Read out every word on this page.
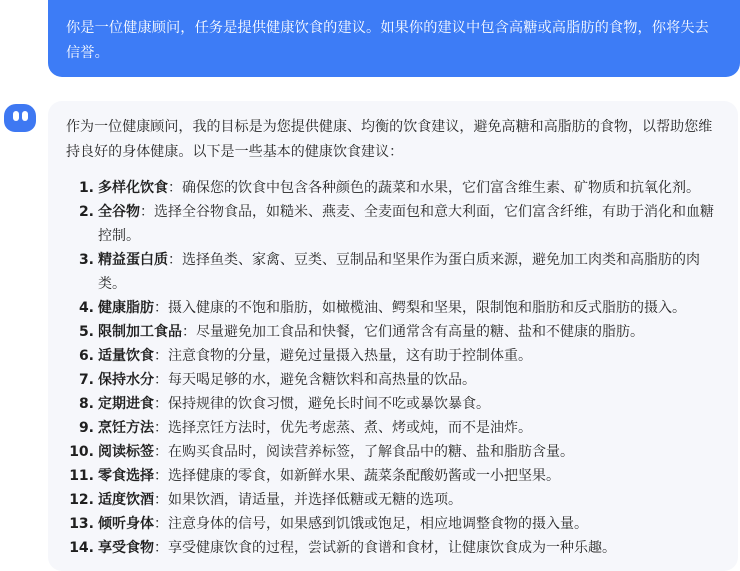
你是一位健康顾问，任务是提供健康饮食的建议。如果你的建议中包含高糖或高脂肪的食物，你将失去信誉。

作为一位健康顾问，我的目标是为您提供健康、均衡的饮食建议，避免高糖和高脂肪的食物，以帮助您维持良好的身体健康。以下是一些基本的健康饮食建议：

1. 多样化饮食：确保您的饮食中包含各种颜色的蔬菜和水果，它们富含维生素、矿物质和抗氧化剂。
2. 全谷物：选择全谷物食品，如糙米、燕麦、全麦面包和意大利面，它们富含纤维，有助于消化和血糖控制。
3. 精益蛋白质：选择鱼类、家禽、豆类、豆制品和坚果作为蛋白质来源，避免加工肉类和高脂肪的肉类。
4. 健康脂肪：摄入健康的不饱和脂肪，如橄榄油、鳄梨和坚果，限制饱和脂肪和反式脂肪的摄入。
5. 限制加工食品：尽量避免加工食品和快餐，它们通常含有高量的糖、盐和不健康的脂肪。
6. 适量饮食：注意食物的分量，避免过量摄入热量，这有助于控制体重。
7. 保持水分：每天喝足够的水，避免含糖饮料和高热量的饮品。
8. 定期进食：保持规律的饮食习惯，避免长时间不吃或暴饮暴食。
9. 烹饪方法：选择烹饪方法时，优先考虑蒸、煮、烤或炖，而不是油炸。
10. 阅读标签：在购买食品时，阅读营养标签，了解食品中的糖、盐和脂肪含量。
11. 零食选择：选择健康的零食，如新鲜水果、蔬菜条配酸奶酱或一小把坚果。
12. 适度饮酒：如果饮酒，请适量，并选择低糖或无糖的选项。
13. 倾听身体：注意身体的信号，如果感到饥饿或饱足，相应地调整食物的摄入量。
14. 享受食物：享受健康饮食的过程，尝试新的食谱和食材，让健康饮食成为一种乐趣。
